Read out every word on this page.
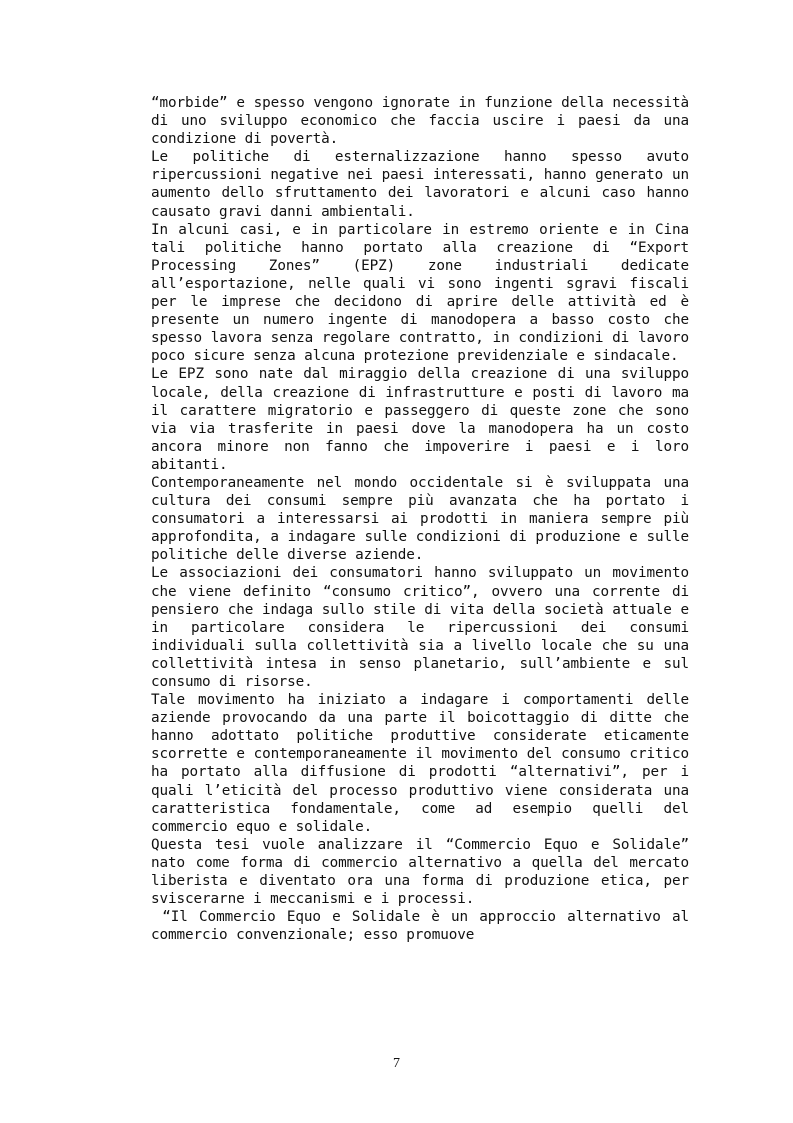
“morbide” e spesso vengono ignorate in funzione della necessità di uno sviluppo economico che faccia uscire i paesi da una condizione di povertà.

Le politiche di esternalizzazione hanno spesso avuto ripercussioni negative nei paesi interessati, hanno generato un aumento dello sfruttamento dei lavoratori e alcuni caso hanno causato gravi danni ambientali.

In alcuni casi, e in particolare in estremo oriente e in Cina tali politiche hanno portato alla creazione di “Export Processing Zones” (EPZ) zone industriali dedicate all’esportazione, nelle quali vi sono ingenti sgravi fiscali per le imprese che decidono di aprire delle attività ed è presente un numero ingente di manodopera a basso costo che spesso lavora senza regolare contratto, in condizioni di lavoro poco sicure senza alcuna protezione previdenziale e sindacale.

Le EPZ sono nate dal miraggio della creazione di una sviluppo locale, della creazione di infrastrutture e posti di lavoro ma il carattere migratorio e passeggero di queste zone che sono via via trasferite in paesi dove la manodopera ha un costo ancora minore non fanno che impoverire i paesi e i loro abitanti.

Contemporaneamente nel mondo occidentale si è sviluppata una cultura dei consumi sempre più avanzata che ha portato i consumatori a interessarsi ai prodotti in maniera sempre più approfondita, a indagare sulle condizioni di produzione e sulle politiche delle diverse aziende.

Le associazioni dei consumatori hanno sviluppato un movimento che viene definito “consumo critico”, ovvero una corrente di pensiero che indaga sullo stile di vita della società attuale e in particolare considera le ripercussioni dei consumi individuali sulla collettività sia a livello locale che su una collettività intesa in senso planetario, sull’ambiente e sul consumo di risorse.

Tale movimento ha iniziato a indagare i comportamenti delle aziende provocando da una parte il boicottaggio di ditte che hanno adottato politiche produttive considerate eticamente scorrette e contemporaneamente il movimento del consumo critico ha portato alla diffusione di prodotti “alternativi”, per i quali l’eticità del processo produttivo viene considerata una caratteristica fondamentale, come ad esempio quelli del commercio equo e solidale.

Questa tesi vuole analizzare il “Commercio Equo e Solidale” nato come forma di commercio alternativo a quella del mercato liberista e diventato ora una forma di produzione etica, per sviscerarne i meccanismi e i processi.

“Il Commercio Equo e Solidale è un approccio alternativo al commercio convenzionale; esso promuove

7
